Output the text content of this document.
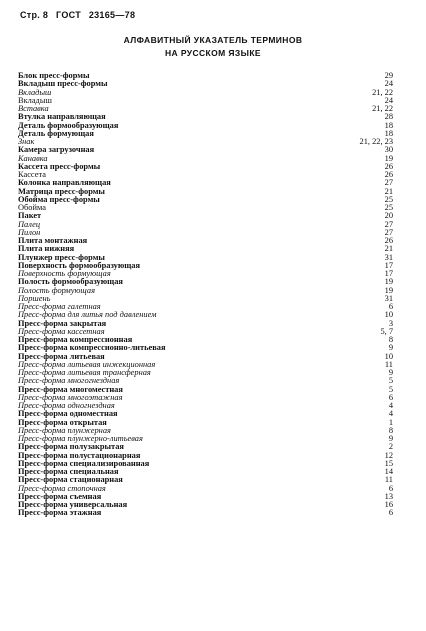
Стр. 8 ГОСТ 23165—78
АЛФАВИТНЫЙ УКАЗАТЕЛЬ ТЕРМИНОВ
НА РУССКОМ ЯЗЫКЕ
Блок пресс-формы	29
Вкладыш пресс-формы	24
Вкладыш	21, 22
Вкладыш	24
Вставка	21, 22
Втулка направляющая	28
Деталь формообразующая	18
Деталь формующая	18
Знак	21, 22, 23
Камера загрузочная	30
Канавка	19
Кассета пресс-формы	26
Кассета	26
Колонка направляющая	27
Матрица пресс-формы	21
Обойма пресс-формы	25
Обойма	25
Пакет	20
Палец	27
Пилон	27
Плита монтажная	26
Плита нижняя	21
Плунжер пресс-формы	31
Поверхность формообразующая	17
Поверхность формующая	17
Полость формообразующая	19
Полость формующая	19
Поршень	31
Пресс-форма галетная	6
Пресс-форма для литья под давлением	10
Пресс-форма закрытая	3
Пресс-форма кассетная	5, 7
Пресс-форма компрессионная	8
Пресс-форма компрессионно-литьевая	9
Пресс-форма литьевая	10
Пресс-форма литьевая инжекционная	11
Пресс-форма литьевая трансферная	9
Пресс-форма многогнездная	5
Пресс-форма многоместная	5
Пресс-форма многоэтажная	6
Пресс-форма одногнездная	4
Пресс-форма одноместная	4
Пресс-форма открытая	1
Пресс-форма плунжерная	8
Пресс-форма плунжерно-литьевая	9
Пресс-форма полузакрытая	2
Пресс-форма полустационарная	12
Пресс-форма специализированная	15
Пресс-форма специальная	14
Пресс-форма стационарная	11
Пресс-форма стопочная	6
Пресс-форма съемная	13
Пресс-форма универсальная	16
Пресс-форма этажная	6
